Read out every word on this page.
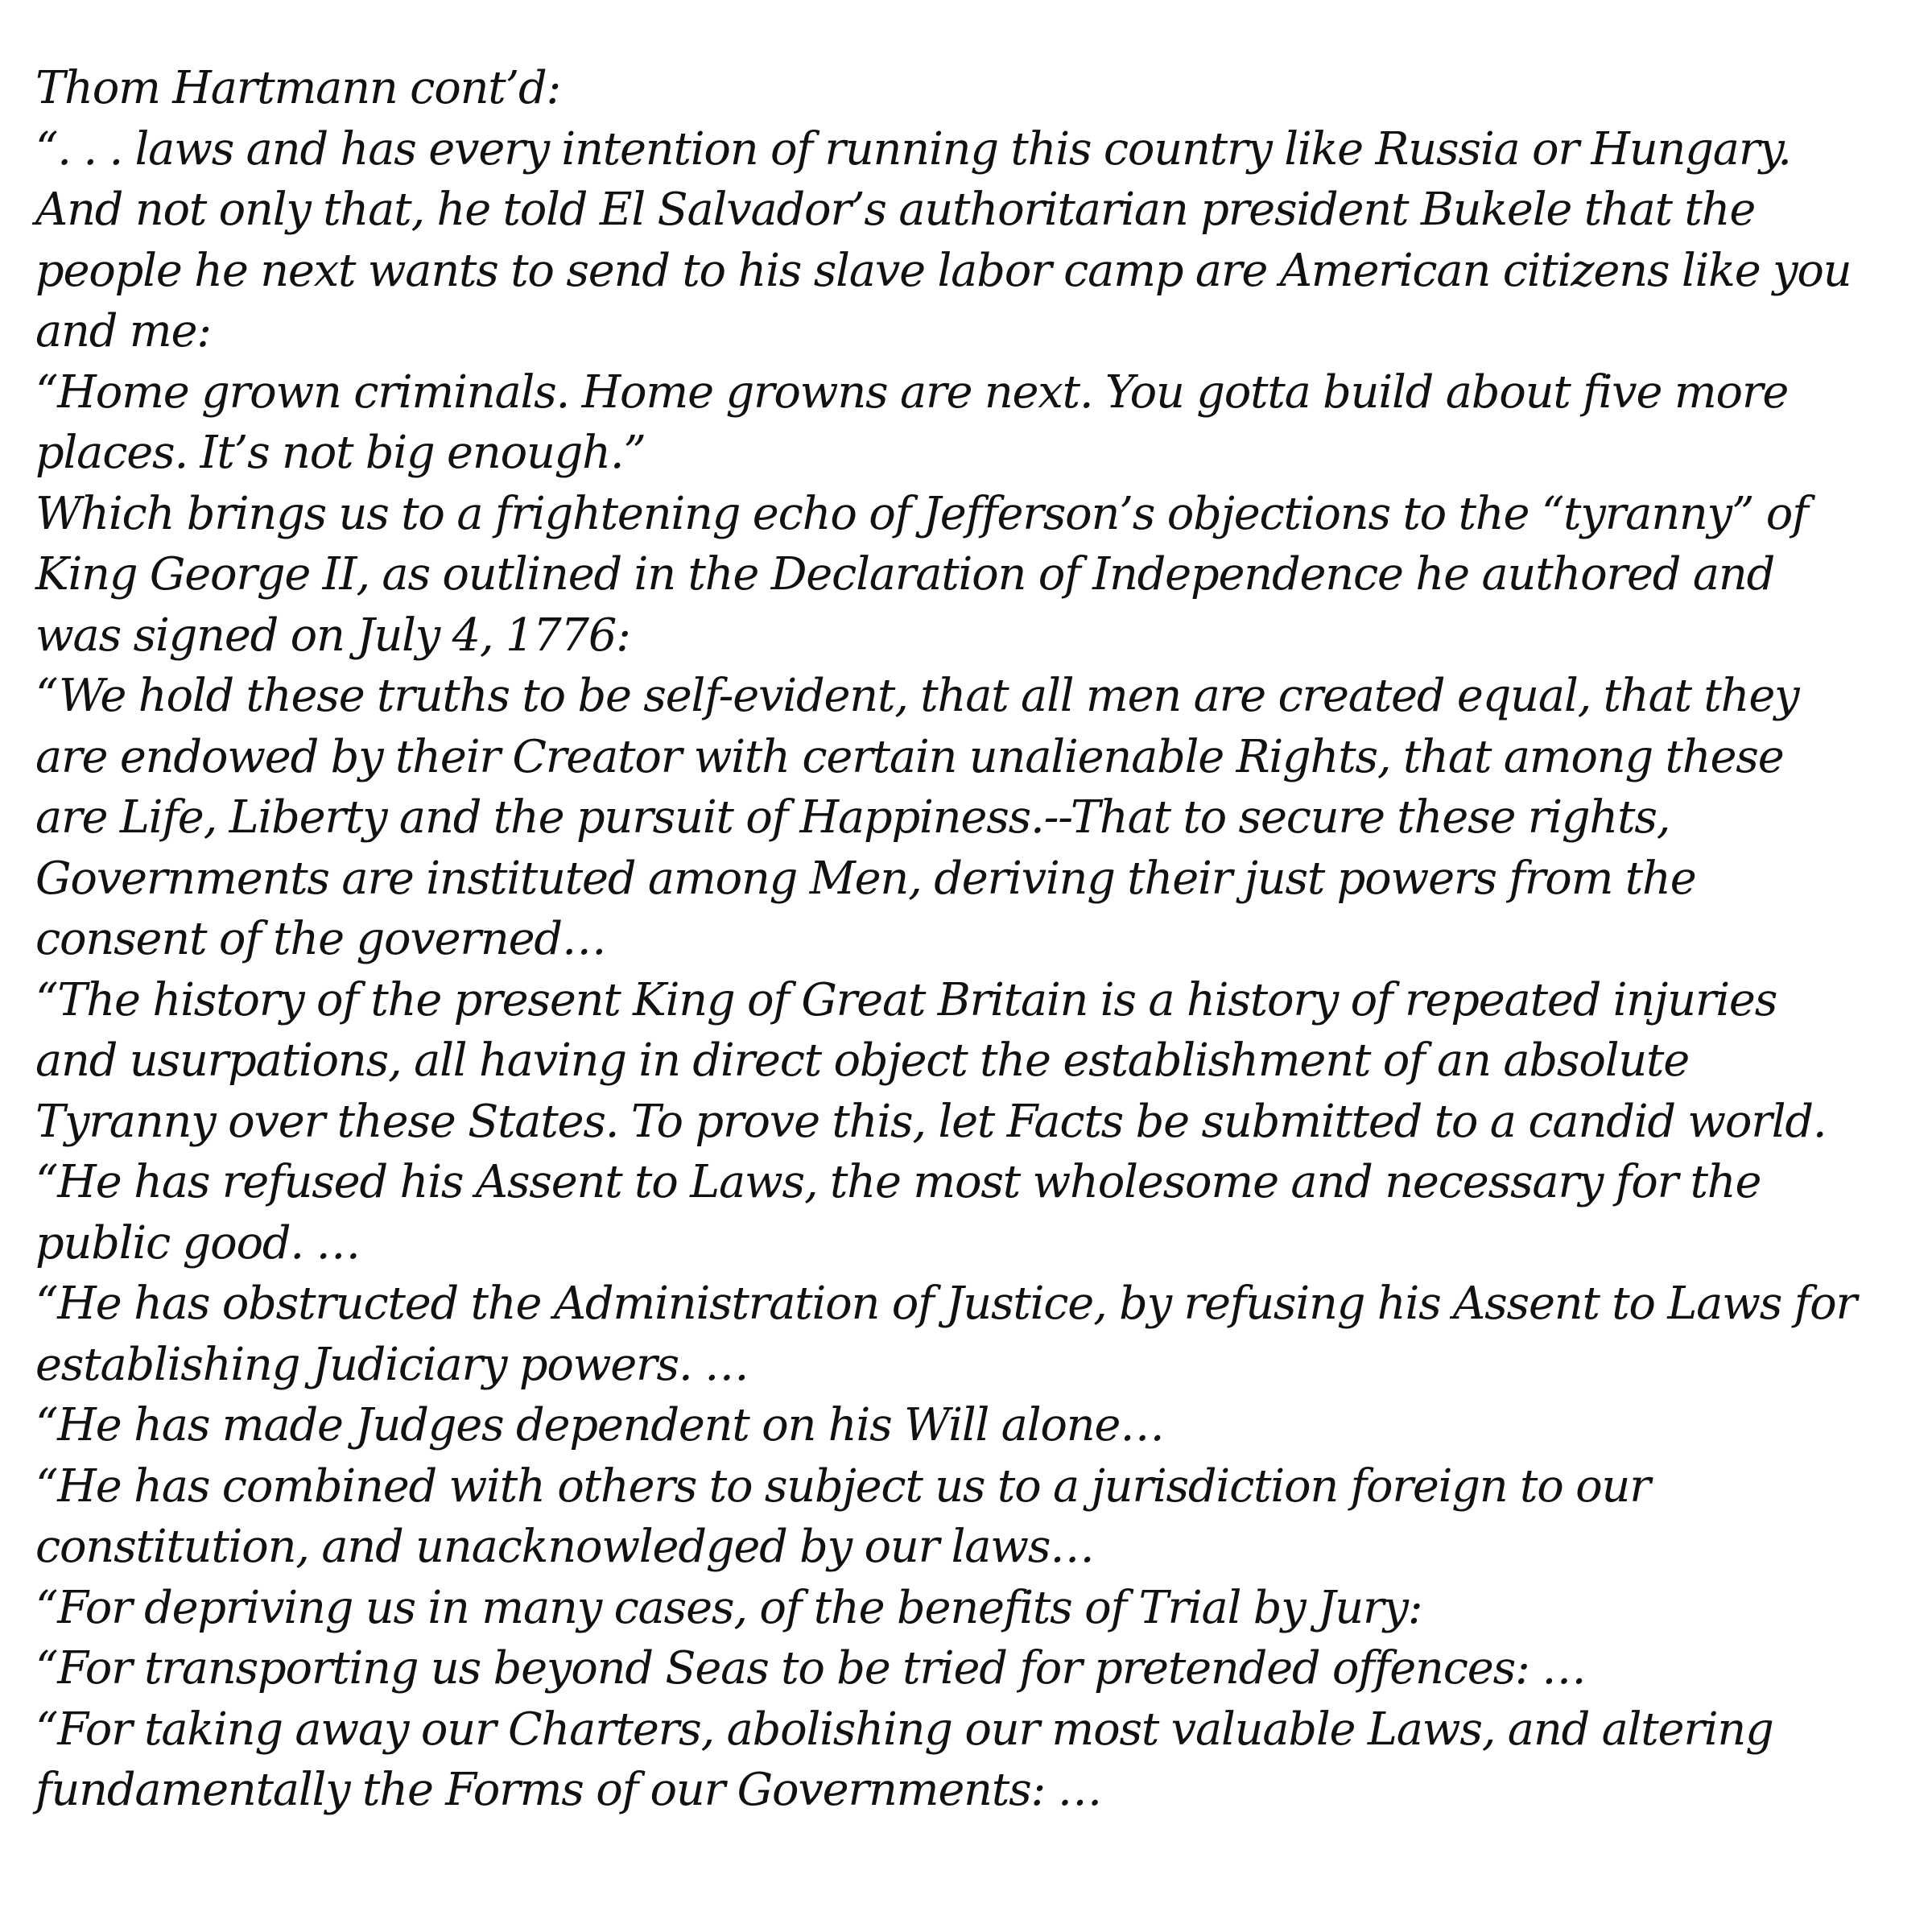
Thom Hartmann cont’d:
“. . . laws and has every intention of running this country like Russia or Hungary.
And not only that, he told El Salvador’s authoritarian president Bukele that the
people he next wants to send to his slave labor camp are American citizens like you
and me:
“Home grown criminals. Home growns are next. You gotta build about five more
places. It’s not big enough.”
Which brings us to a frightening echo of Jefferson’s objections to the “tyranny” of
King George II, as outlined in the Declaration of Independence he authored and
was signed on July 4, 1776:
“We hold these truths to be self-evident, that all men are created equal, that they
are endowed by their Creator with certain unalienable Rights, that among these
are Life, Liberty and the pursuit of Happiness.--That to secure these rights,
Governments are instituted among Men, deriving their just powers from the
consent of the governed…
“The history of the present King of Great Britain is a history of repeated injuries
and usurpations, all having in direct object the establishment of an absolute
Tyranny over these States. To prove this, let Facts be submitted to a candid world.
“He has refused his Assent to Laws, the most wholesome and necessary for the
public good. …
“He has obstructed the Administration of Justice, by refusing his Assent to Laws for
establishing Judiciary powers. …
“He has made Judges dependent on his Will alone…
“He has combined with others to subject us to a jurisdiction foreign to our
constitution, and unacknowledged by our laws…
“For depriving us in many cases, of the benefits of Trial by Jury:
“For transporting us beyond Seas to be tried for pretended offences: …
“For taking away our Charters, abolishing our most valuable Laws, and altering
fundamentally the Forms of our Governments: …
